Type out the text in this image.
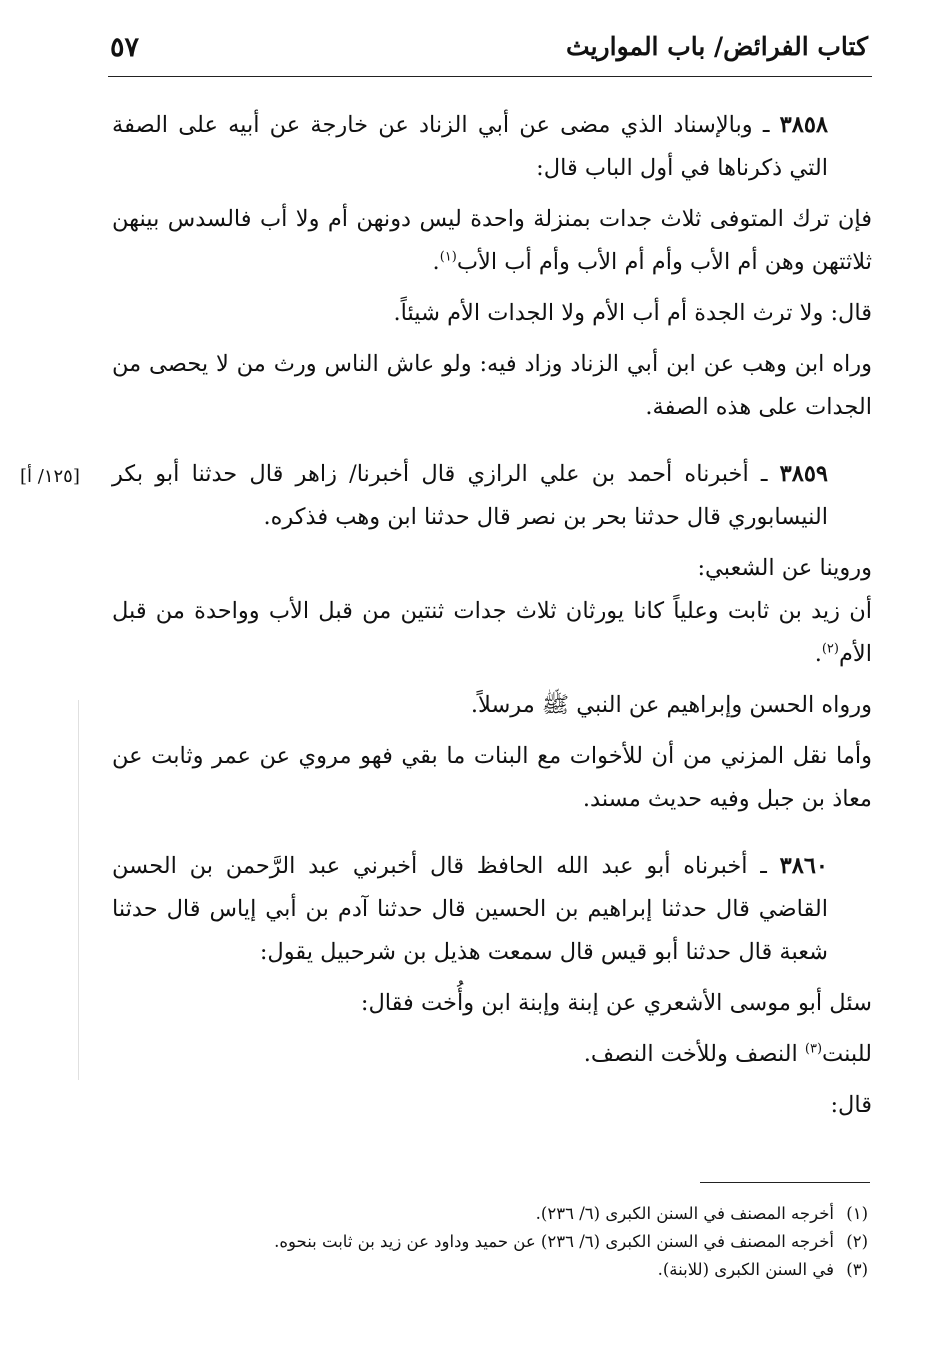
كتاب الفرائض/ باب المواريث
٥٧
[١٢٥/ أ]

٣٨٥٨ ـ وبالإسناد الذي مضى عن أبي الزناد عن خارجة عن أبيه على الصفة التي ذكرناها في أول الباب قال:

فإن ترك المتوفى ثلاث جدات بمنزلة واحدة ليس دونهن أم ولا أب فالسدس بينهن ثلاثتهن وهن أم الأب وأم أم الأب وأم أب الأب$^{(١)}$.

قال: ولا ترث الجدة أم أب الأم ولا الجدات الأم شيئاً.

وراه ابن وهب عن ابن أبي الزناد وزاد فيه: ولو عاش الناس ورث من لا يحصى من الجدات على هذه الصفة.

٣٨٥٩ ـ أخبرناه أحمد بن علي الرازي قال أخبرنا/ زاهر قال حدثنا أبو بكر النيسابوري قال حدثنا بحر بن نصر قال حدثنا ابن وهب فذكره.

وروينا عن الشعبي:

أن زيد بن ثابت وعلياً كانا يورثان ثلاث جدات ثنتين من قبل الأب وواحدة من قبل الأم$^{(٢)}$.

ورواه الحسن وإبراهيم عن النبي ﷺ مرسلاً.

وأما نقل المزني من أن للأخوات مع البنات ما بقي فهو مروي عن عمر وثابت عن معاذ بن جبل وفيه حديث مسند.

٣٨٦٠ ـ أخبرناه أبو عبد الله الحافظ قال أخبرني عبد الرَّحمن بن الحسن القاضي قال حدثنا إبراهيم بن الحسين قال حدثنا آدم بن أبي إياس قال حدثنا شعبة قال حدثنا أبو قيس قال سمعت هذيل بن شرحبيل يقول:

سئل أبو موسى الأشعري عن إبنة وإبنة ابن وأُخت فقال:

للبنت$^{(٣)}$ النصف وللأخت النصف.

قال:

(١)أخرجه المصنف في السنن الكبرى (٦/ ٢٣٦).

(٢)أخرجه المصنف في السنن الكبرى (٦/ ٢٣٦) عن حميد وداود عن زيد بن ثابت بنحوه.

(٣)في السنن الكبرى (للابنة).
